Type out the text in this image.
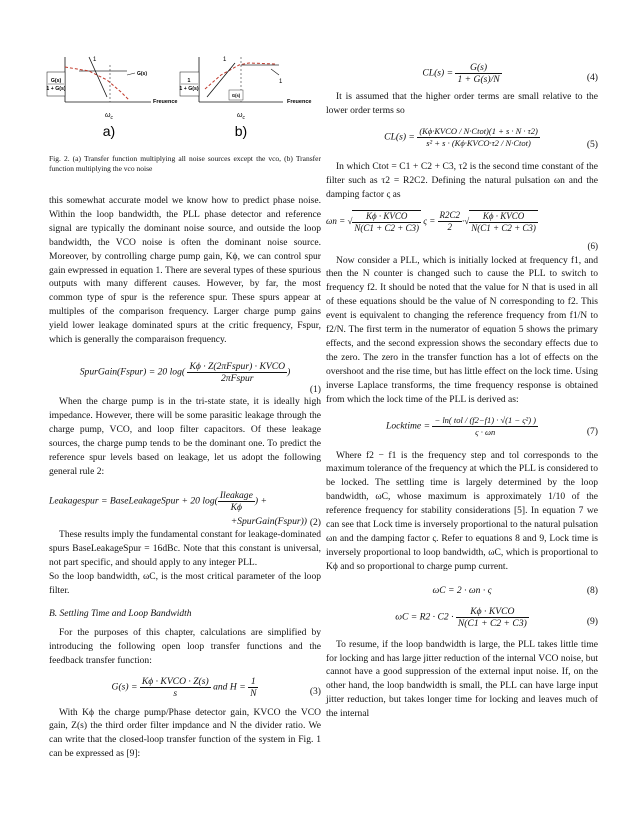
G(s)
1 + G(s)
1
G(s)
Freuence
$\omega_c$
a)
1
1 + G(s)
G(s)
1
1
Freuence
$\omega_c$
b)

Fig. 2. (a) Transfer function multiplying all noise sources except the vco, (b) Transfer function multiplying the vco noise

this somewhat accurate model we know how to predict phase noise. Within the loop bandwidth, the PLL phase detector and reference signal are typically the dominant noise source, and outside the loop bandwidth, the VCO noise is often the dominant noise source. Moreover, by controlling charge pump gain, Kϕ, we can control spur gain ewpressed in equation 1. There are several types of these spurious outputs with many different causes. However, by far, the most common type of spur is the reference spur. These spurs appear at multiples of the comparison frequency. Larger charge pump gains yield lower leakage dominated spurs at the critic frequency, Fspur, which is generally the comparaison frequency.

SpurGain(Fspur) = 20 $\log( \frac{\text{Kϕ · Z(2πFspur) · KVCO}}{\text{2πFspur}}$ )
(1)

When the charge pump is in the tri-state state, it is ideally high impedance. However, there will be some parasitic leakage through the charge pump, VCO, and loop filter capacitors. Of these leakage sources, the charge pump tends to be the dominant one. To predict the reference spur levels based on leakage, let us adopt the following general rule 2:

Leakagespur = BaseLeakageSpur + 20 $\log( \frac{\text{Ileakage}}{K\phi}$ ) +
+SpurGain(Fspur)) (2)

These results imply the fundamental constant for leakage-dominated spurs BaseLeakageSpur = 16dBc. Note that this constant is universal, not part specific, and should apply to any integer PLL.

So the loop bandwidth, ωC, is the most critical parameter of the loop filter.

B. Settling Time and Loop Bandwidth

For the purposes of this chapter, calculations are simplified by introducing the following open loop transfer functions and the feedback transfer function:

$G(s) = \frac{\text{Kϕ · KVCO · Z(s)}}{s}$ and $H = \frac{1}{N}$	(3)

With Kϕ the charge pump/Phase detector gain, KVCO the VCO gain, Z(s) the third order filter impdance and N the divider ratio. We can write that the closed-loop transfer function of the system in Fig. 1 can be expressed as [9]:

$CL(s) = \frac{G(s)}{1 + G(s)/N}$	(4)

It is assumed that the higher order terms are small relative to the lower order terms so

$CL(s) = \frac{\text{(Kϕ·KVCO / N·Ctot)(1 + s · N · τ2)}}{\text{s² + s · (Kϕ·KVCO·τ2 / N·Ctot)}}$	(5)

In which Ctot = C1 + C2 + C3, τ2 is the second time constant of the filter such as τ2 = R2C2. Defining the natural pulsation ωn and the damping factor ς as

ωn = √ $\frac{\text{Kϕ · KVCO}}{N(C1 + C2 + C3)}$ $\varsigma = \frac{R2C2}{2}$ ·√ $\frac{\text{Kϕ · KVCO}}{N(C1 + C2 + C3)}$
(6)

Now consider a PLL, which is initially locked at frequency f1, and then the N counter is changed such to cause the PLL to switch to frequency f2. It should be noted that the value for N that is used in all of these equations should be the value of N corresponding to f2. This event is equivalent to changing the reference frequency from f1/N to f2/N. The first term in the numerator of equation 5 shows the primary effects, and the second expression shows the secondary effects due to the zero. The zero in the transfer function has a lot of effects on the overshoot and the rise time, but has little effect on the lock time. Using inverse Laplace transforms, the time frequency response is obtained from which the lock time of the PLL is derived as:

Locktime = $\frac{\text{− ln( tol / (f2−f1) · √(1 − ς²) )}}{\varsigma \cdot \omega n}$	(7)

Where f2 − f1 is the frequency step and tol corresponds to the maximum tolerance of the frequency at which the PLL is considered to be locked. The settling time is largely determined by the loop bandwidth, ωC, whose maximum is approximately 1/10 of the reference frequency for stability considerations [5]. In equation 7 we can see that Lock time is inversely proportional to the natural pulsation ωn and the damping factor ς. Refer to equations 8 and 9, Lock time is inversely proportional to loop bandwidth, ωC, which is proportional to Kϕ and so proportional to charge pump current.

ωC = 2 · ωn · ς	(8)
$\omega C = R2 \cdot C2 \cdot \frac{\text{Kϕ · KVCO}}{N(C1 + C2 + C3)}$	(9)

To resume, if the loop bandwidth is large, the PLL takes little time for locking and has large jitter reduction of the internal VCO noise, but cannot have a good suppression of the external input noise. If, on the other hand, the loop bandwidth is small, the PLL can have large input jitter reduction, but takes longer time for locking and leaves much of the internal
